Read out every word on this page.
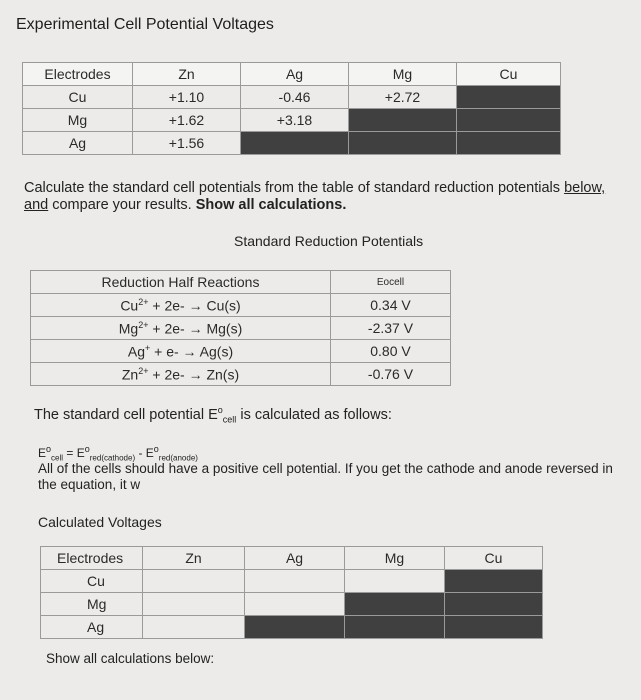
Experimental Cell Potential Voltages
Electrodes	Zn	Ag	Mg	Cu
Cu	+1.10	-0.46	+2.72	
Mg	+1.62	+3.18		
Ag	+1.56			
Calculate the standard cell potentials from the table of standard reduction potentials below, and compare your results. Show all calculations.
Standard Reduction Potentials
Reduction Half Reactions	Eocell
$Cu^{2+} + 2e- \to Cu(s)$	0.34 V
$Mg^{2+} + 2e- \to Mg(s)$	-2.37 V
Ag+ + e- → Ag(s)	0.80 V
$Zn^{2+} + 2e- \to Zn(s)$	-0.76 V
The standard cell potential $E^o_{cell}$ is calculated as follows:
$E^o_{cell} = E^o_{red(cathode)} - E^o_{red(anode)}$
All of the cells should have a positive cell potential. If you get the cathode and anode reversed in the equation, it w
Calculated Voltages
Electrodes	Zn	Ag	Mg	Cu
Cu				
Mg				
Ag				
Show all calculations below:
